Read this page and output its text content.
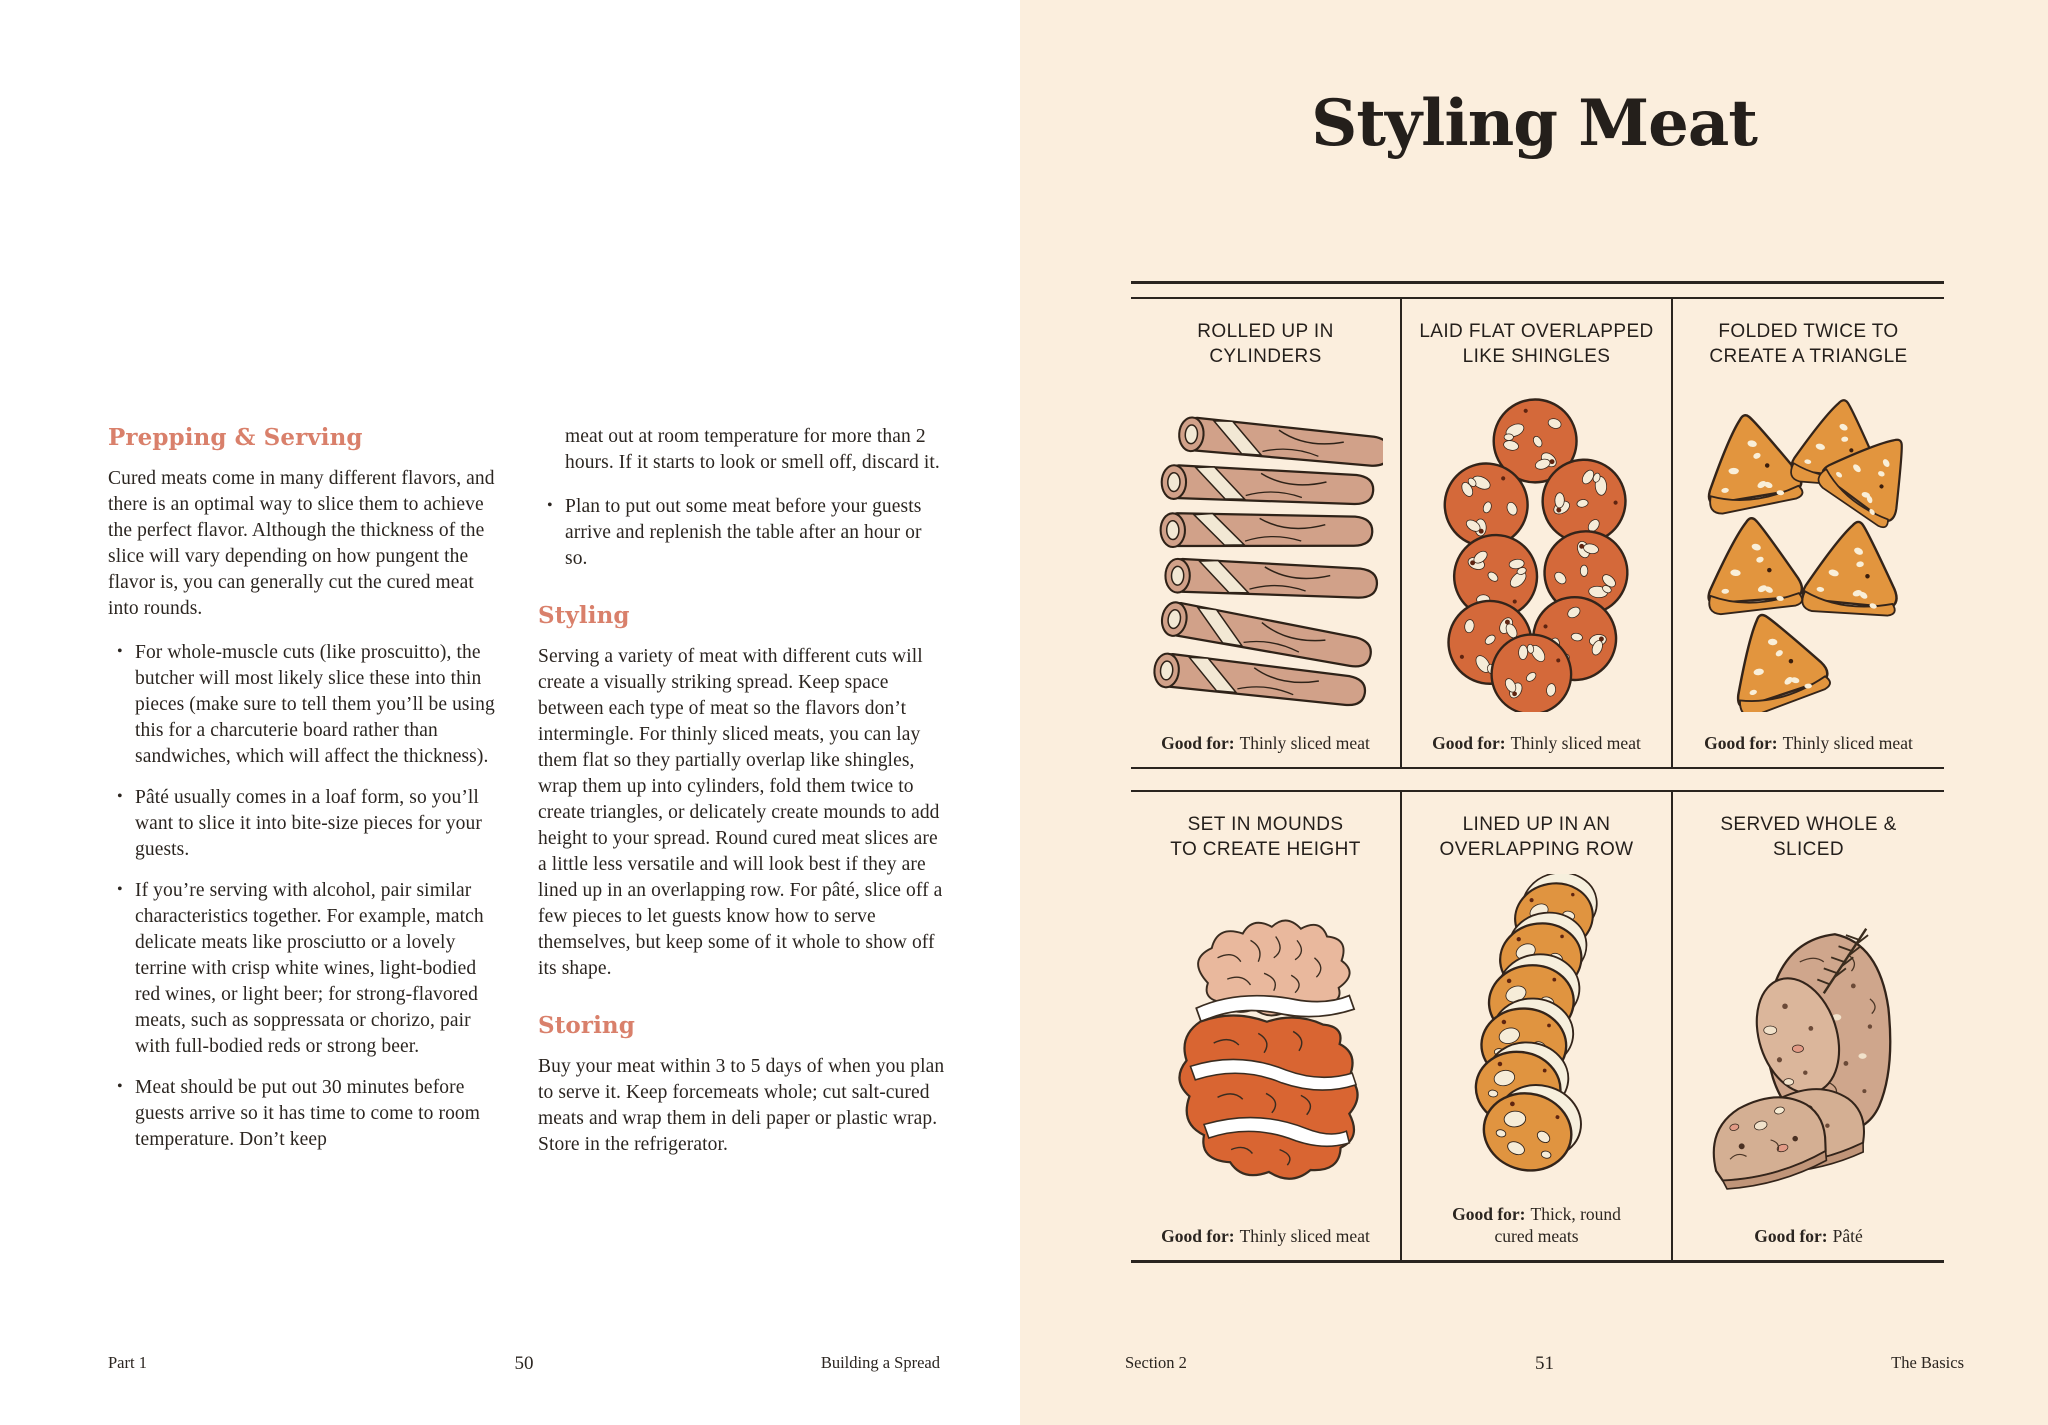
Prepping & Serving

Cured meats come in many different flavors, and there is an optimal way to slice them to achieve the perfect flavor. Although the thickness of the slice will vary depending on how pungent the flavor is, you can generally cut the cured meat into rounds.

• For whole-muscle cuts (like proscuitto), the butcher will most likely slice these into thin pieces (make sure to tell them you’ll be using this for a charcuterie board rather than sandwiches, which will affect the thickness).
• Pâté usually comes in a loaf form, so you’ll want to slice it into bite-size pieces for your guests.
• If you’re serving with alcohol, pair similar characteristics together. For example, match delicate meats like prosciutto or a lovely terrine with crisp white wines, light-bodied red wines, or light beer; for strong-flavored meats, such as soppressata or chorizo, pair with full-bodied reds or strong beer.
• Meat should be put out 30 minutes before guests arrive so it has time to come to room temperature. Don’t keep

meat out at room temperature for more than 2 hours. If it starts to look or smell off, discard it.

• Plan to put out some meat before your guests arrive and replenish the table after an hour or so.
Styling

Serving a variety of meat with different cuts will create a visually striking spread. Keep space between each type of meat so the flavors don’t intermingle. For thinly sliced meats, you can lay them flat so they partially overlap like shingles, wrap them up into cylinders, fold them twice to create triangles, or delicately create mounds to add height to your spread. Round cured meat slices are a little less versatile and will look best if they are lined up in an overlapping row. For pâté, slice off a few pieces to let guests know how to serve themselves, but keep some of it whole to show off its shape.

Storing

Buy your meat within 3 to 5 days of when you plan to serve it. Keep forcemeats whole; cut salt-cured meats and wrap them in deli paper or plastic wrap. Store in the refrigerator.

Part 1	50	Building a Spread
Styling Meat
ROLLED UP IN CYLINDERS
Good for: Thinly sliced meat
LAID FLAT OVERLAPPED
LIKE SHINGLES
Good for: Thinly sliced meat
FOLDED TWICE TO
CREATE A TRIANGLE
Good for: Thinly sliced meat
SET IN MOUNDS
TO CREATE HEIGHT
Good for: Thinly sliced meat
LINED UP IN AN
OVERLAPPING ROW
Good for: Thick, round cured meats
SERVED WHOLE & SLICED
Good for: Pâté
Section 2	51	The Basics
